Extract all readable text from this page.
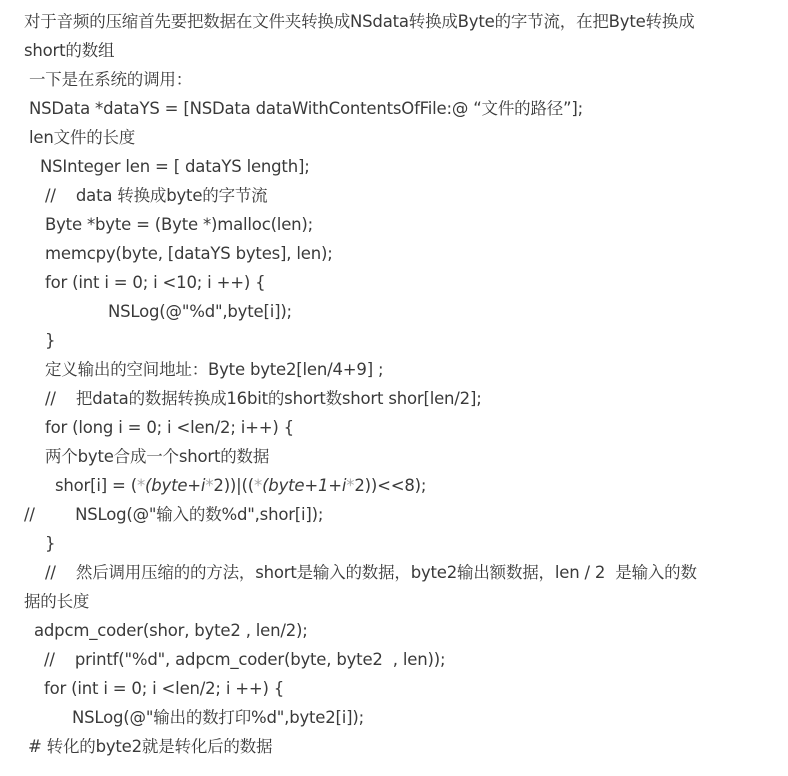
对于音频的压缩首先要把数据在文件夹转换成NSdata转换成Byte的字节流，在把Byte转换成
short的数组
一下是在系统的调用：
NSData *dataYS = [NSData dataWithContentsOfFile:@ “文件的路径”];
len文件的长度
NSInteger len = [ dataYS length];
//    data 转换成byte的字节流
Byte *byte = (Byte *)malloc(len);
memcpy(byte, [dataYS bytes], len);
for (int i = 0; i <10; i ++) {
NSLog(@"%d",byte[i]);
}
定义输出的空间地址：Byte byte2[len/4+9] ;
//    把data的数据转换成16bit的short数short shor[len/2];
for (long i = 0; i <len/2; i++) {
两个byte合成一个short的数据
shor[i] = (*(byte+i*2))|((*(byte+1+i*2))<<8);
//        NSLog(@"输入的数%d",shor[i]);
}
//    然后调用压缩的的方法，short是输入的数据，byte2输出额数据，len / 2  是输入的数
据的长度
adpcm_coder(shor, byte2 , len/2);
//    printf("%d", adpcm_coder(byte, byte2  , len));
for (int i = 0; i <len/2; i ++) {
NSLog(@"输出的数打印%d",byte2[i]);
# 转化的byte2就是转化后的数据
